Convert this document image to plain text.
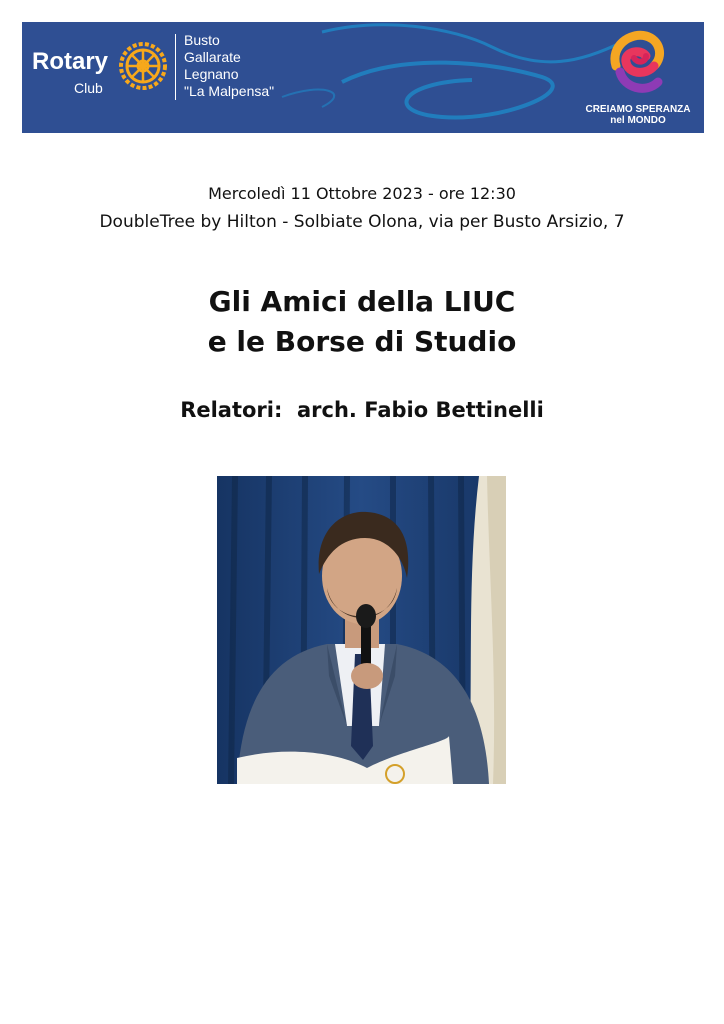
Rotary
Club
Busto
Gallarate
Legnano
"La Malpensa"
CREIAMO SPERANZA
nel MONDO
Mercoledì 11 Ottobre 2023 - ore 12:30
DoubleTree by Hilton - Solbiate Olona, via per Busto Arsizio, 7
Gli Amici della LIUC
e le Borse di Studio
Relatori:  arch. Fabio Bettinelli
